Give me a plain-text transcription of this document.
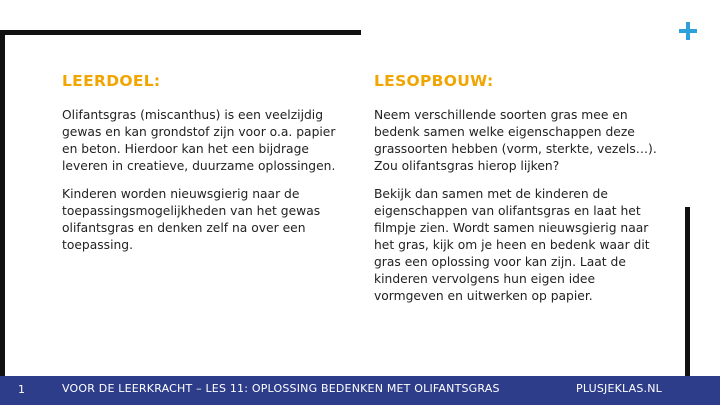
LEERDOEL:

Olifantsgras (miscanthus) is een veelzijdig gewas en kan grondstof zijn voor o.a. papier en beton. Hierdoor kan het een bijdrage leveren in creatieve, duurzame oplossingen.

Kinderen worden nieuwsgierig naar de toepassingsmogelijkheden van het gewas olifantsgras en denken zelf na over een toepassing.

LESOPBOUW:

Neem verschillende soorten gras mee en bedenk samen welke eigenschappen deze grassoorten hebben (vorm, sterkte, vezels…). Zou olifantsgras hierop lijken?

Bekijk dan samen met de kinderen de eigenschappen van olifantsgras en laat het filmpje zien. Wordt samen nieuwsgierig naar het gras, kijk om je heen en bedenk waar dit gras een oplossing voor kan zijn. Laat de kinderen vervolgens hun eigen idee vormgeven en uitwerken op papier.

1	VOOR DE LEERKRACHT – LES 11: OPLOSSING BEDENKEN MET OLIFANTSGRAS	PLUSJEKLAS.NL
